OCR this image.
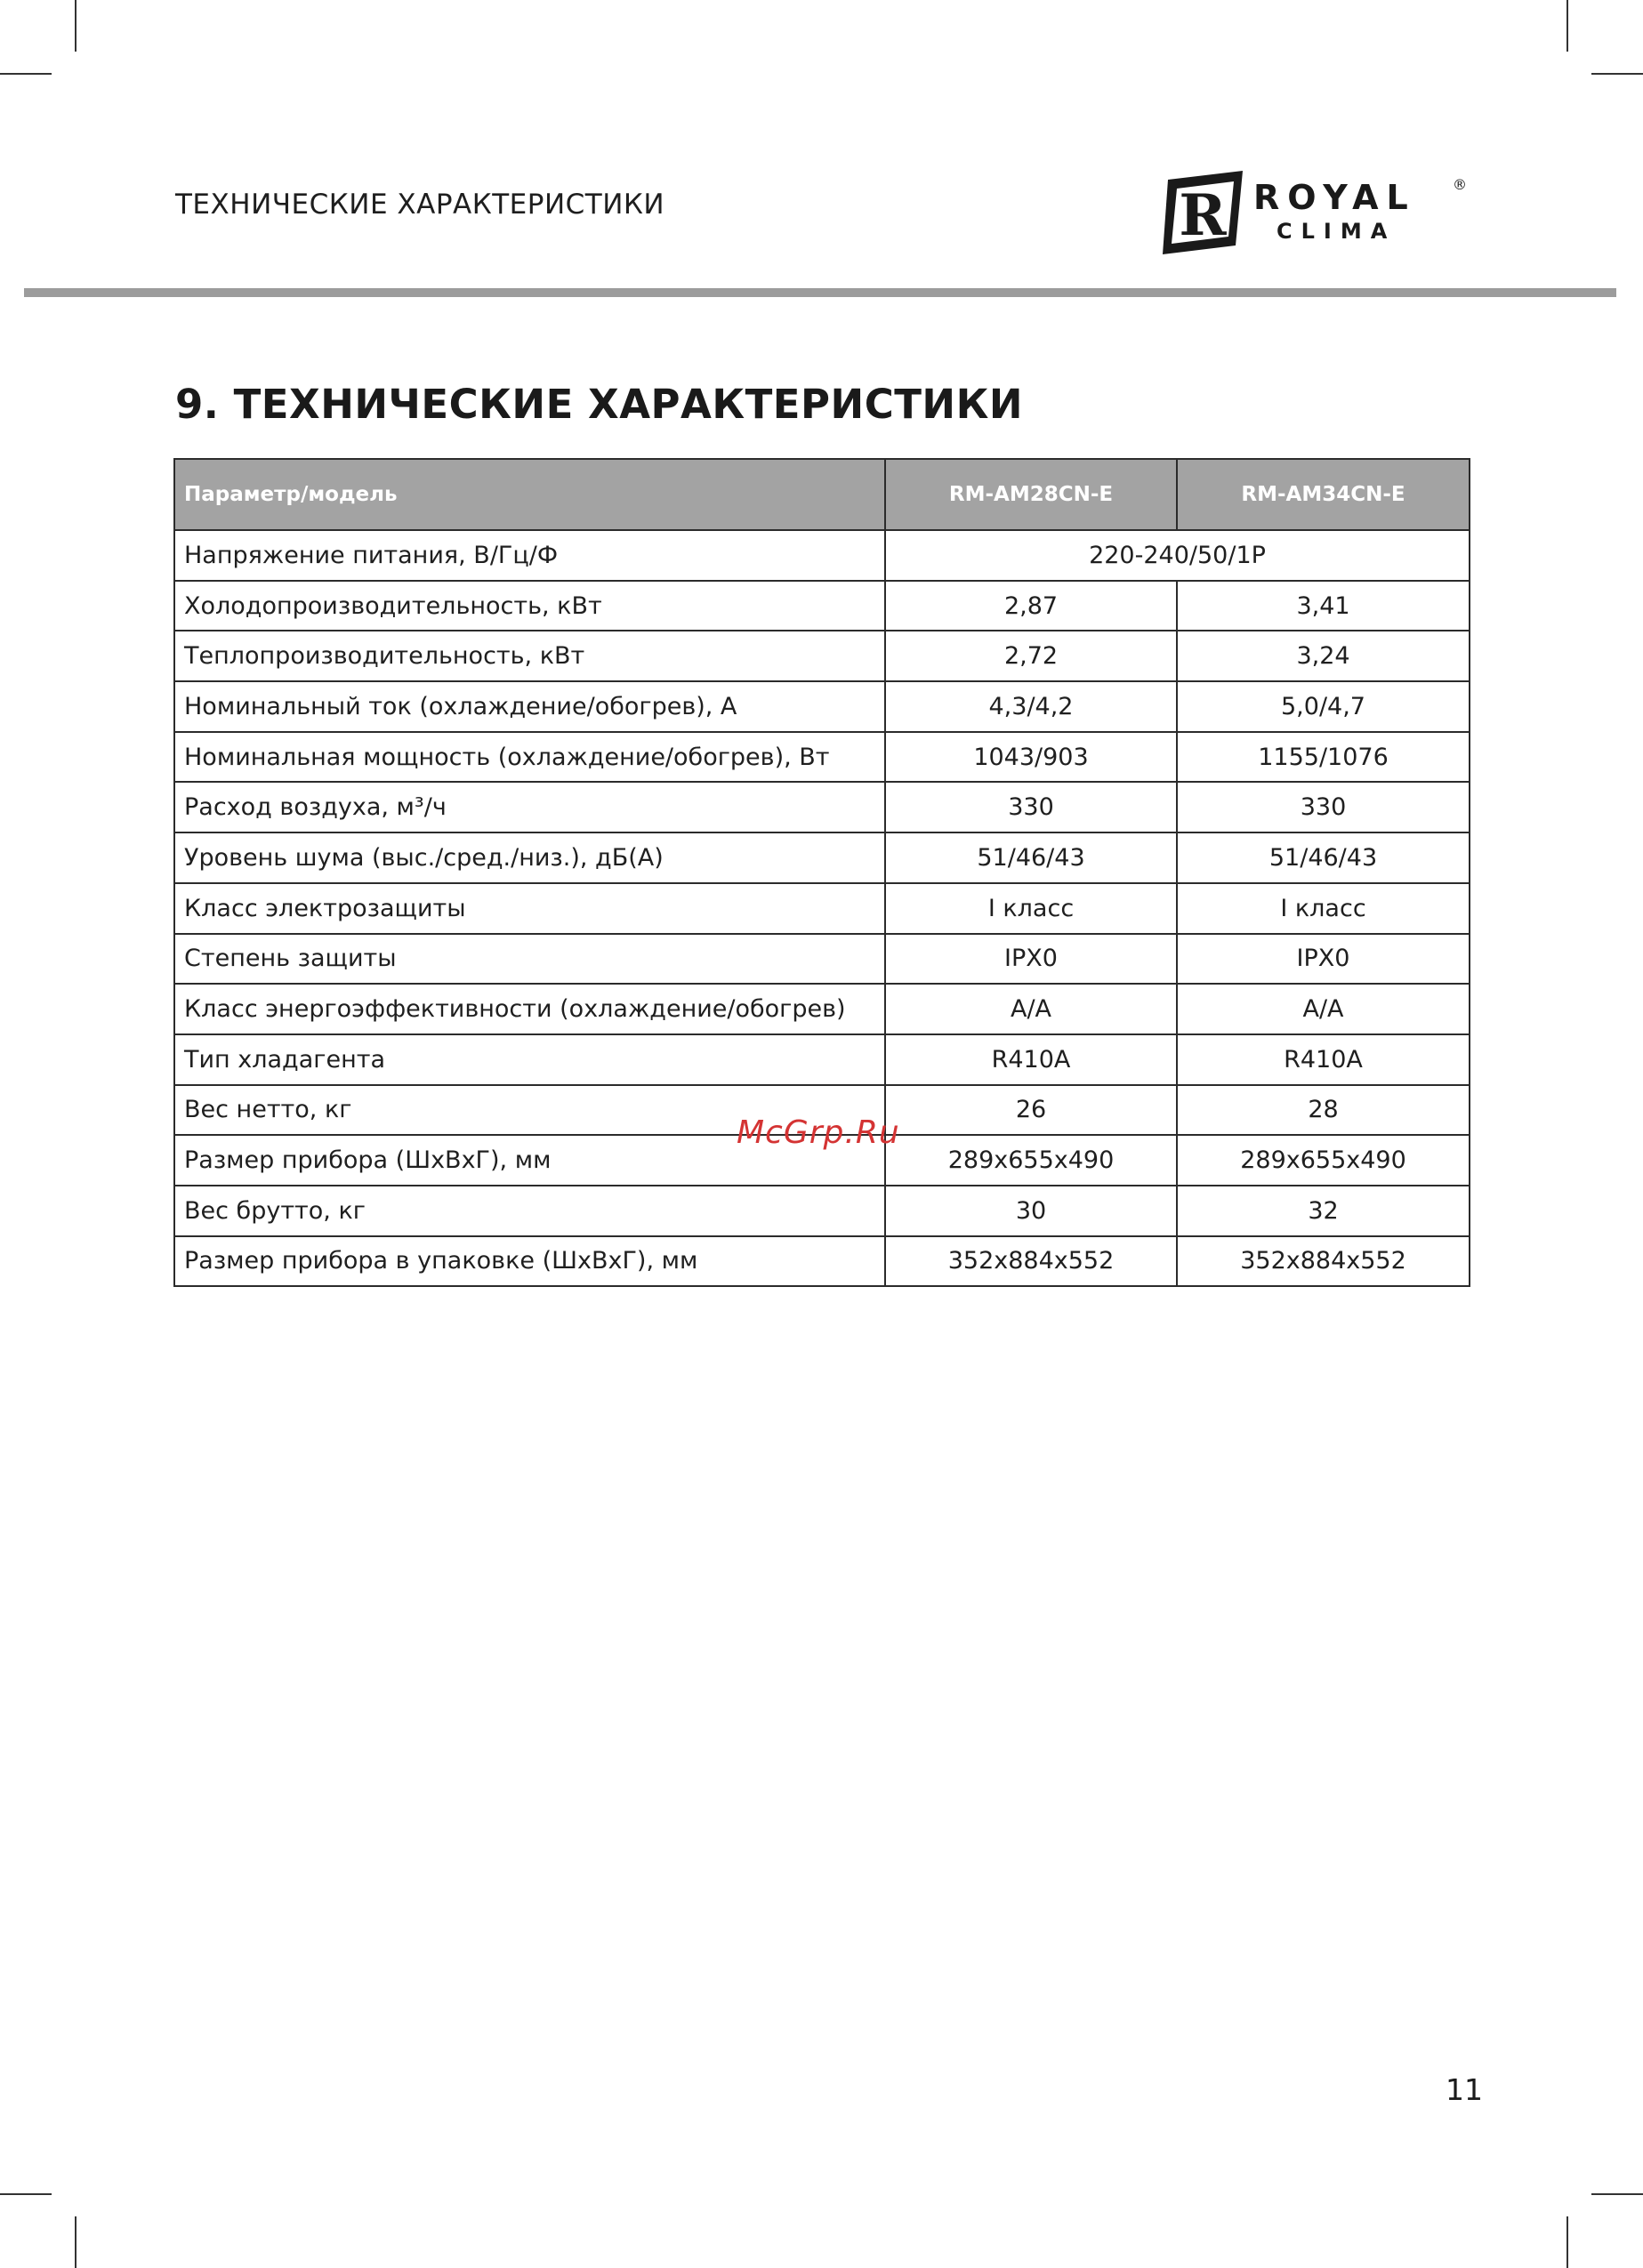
ТЕХНИЧЕСКИЕ ХАРАКТЕРИСТИКИ	R ROYAL	®
CLIMA
9. ТЕХНИЧЕСКИЕ ХАРАКТЕРИСТИКИ
Параметр/модель	RM-AM28CN-E	RM-AM34CN-E
Напряжение питания, В/Гц/Ф	220-240/50/1Р	
Холодопроизводительность, кВт	2,87	3,41
Теплопроизводительность, кВт	2,72	3,24
Номинальный ток (охлаждение/обогрев), А	4,3/4,2	5,0/4,7
Номинальная мощность (охлаждение/обогрев), Вт	1043/903	1155/1076
Расход воздуха, м³/ч	330	330
Уровень шума (выс./сред./низ.), дБ(А)	51/46/43	51/46/43
Класс электрозащиты	I класс	I класс
Степень защиты	IPX0	IPX0
Класс энергоэффективности (охлаждение/обогрев)	A/A	A/A
Тип хладагента	R410A	R410A
Вес нетто, кг	26	28
Размер прибора (ШхВхГ), мм	289x655x490	289x655x490
Вес брутто, кг	30	32
Размер прибора в упаковке (ШхВхГ), мм	352x884x552	352x884x552
McGrp.Ru
11
